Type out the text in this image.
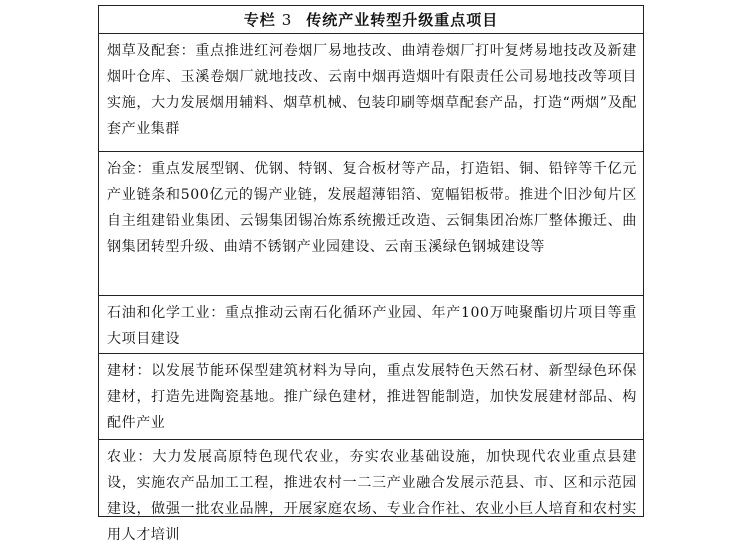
专栏 3 传统产业转型升级重点项目
烟草及配套：重点推进红河卷烟厂易地技改、曲靖卷烟厂打叶复烤易地技改及新建烟叶仓库、玉溪卷烟厂就地技改、云南中烟再造烟叶有限责任公司易地技改等项目实施，大力发展烟用辅料、烟草机械、包装印刷等烟草配套产品，打造“两烟”及配套产业集群
冶金：重点发展型钢、优钢、特钢、复合板材等产品，打造铝、铜、铅锌等千亿元产业链条和500亿元的锡产业链，发展超薄铝箔、宽幅铝板带。推进个旧沙甸片区自主组建铅业集团、云锡集团锡冶炼系统搬迁改造、云铜集团冶炼厂整体搬迁、曲钢集团转型升级、曲靖不锈钢产业园建设、云南玉溪绿色钢城建设等
石油和化学工业：重点推动云南石化循环产业园、年产100万吨聚酯切片项目等重大项目建设
建材：以发展节能环保型建筑材料为导向，重点发展特色天然石材、新型绿色环保建材，打造先进陶瓷基地。推广绿色建材，推进智能制造，加快发展建材部品、构配件产业
农业：大力发展高原特色现代农业，夯实农业基础设施，加快现代农业重点县建设，实施农产品加工工程，推进农村一二三产业融合发展示范县、市、区和示范园建设，做强一批农业品牌，开展家庭农场、专业合作社、农业小巨人培育和农村实用人才培训
